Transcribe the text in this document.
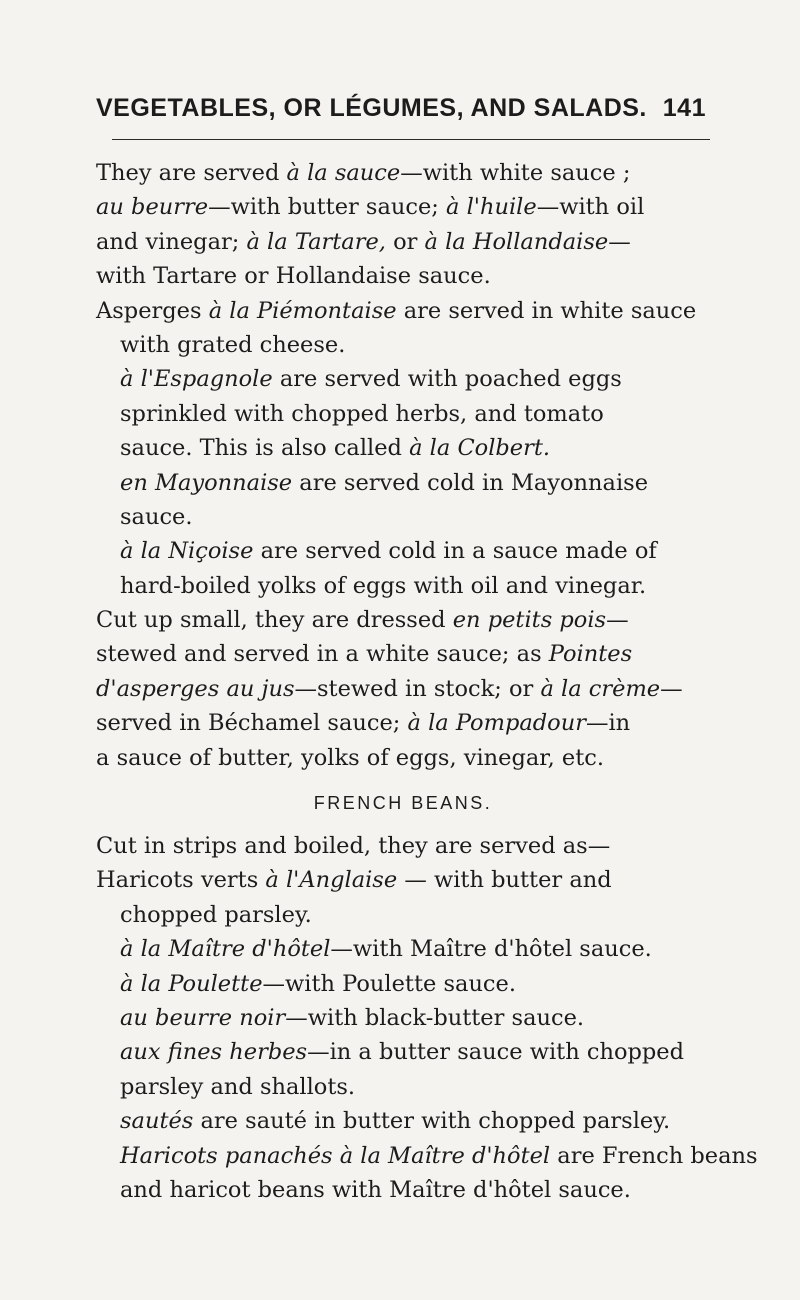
VEGETABLES, OR LÉGUMES, AND SALADS. 141
They are served à la sauce—with white sauce ;
au beurre—with butter sauce; à l'huile—with oil
and vinegar; à la Tartare, or à la Hollandaise—
with Tartare or Hollandaise sauce.
Asperges à la Piémontaise are served in white sauce
with grated cheese.
à l'Espagnole are served with poached eggs
sprinkled with chopped herbs, and tomato
sauce. This is also called à la Colbert.
en Mayonnaise are served cold in Mayonnaise
sauce.
à la Niçoise are served cold in a sauce made of
hard-boiled yolks of eggs with oil and vinegar.
Cut up small, they are dressed en petits pois—
stewed and served in a white sauce; as Pointes
d'asperges au jus—stewed in stock; or à la crème—
served in Béchamel sauce; à la Pompadour—in
a sauce of butter, yolks of eggs, vinegar, etc.
FRENCH BEANS.
Cut in strips and boiled, they are served as—
Haricots verts à l'Anglaise — with butter and
chopped parsley.
à la Maître d'hôtel—with Maître d'hôtel sauce.
à la Poulette—with Poulette sauce.
au beurre noir—with black-butter sauce.
aux fines herbes—in a butter sauce with chopped
parsley and shallots.
sautés are sauté in butter with chopped parsley.
Haricots panachés à la Maître d'hôtel are French beans
and haricot beans with Maître d'hôtel sauce.
